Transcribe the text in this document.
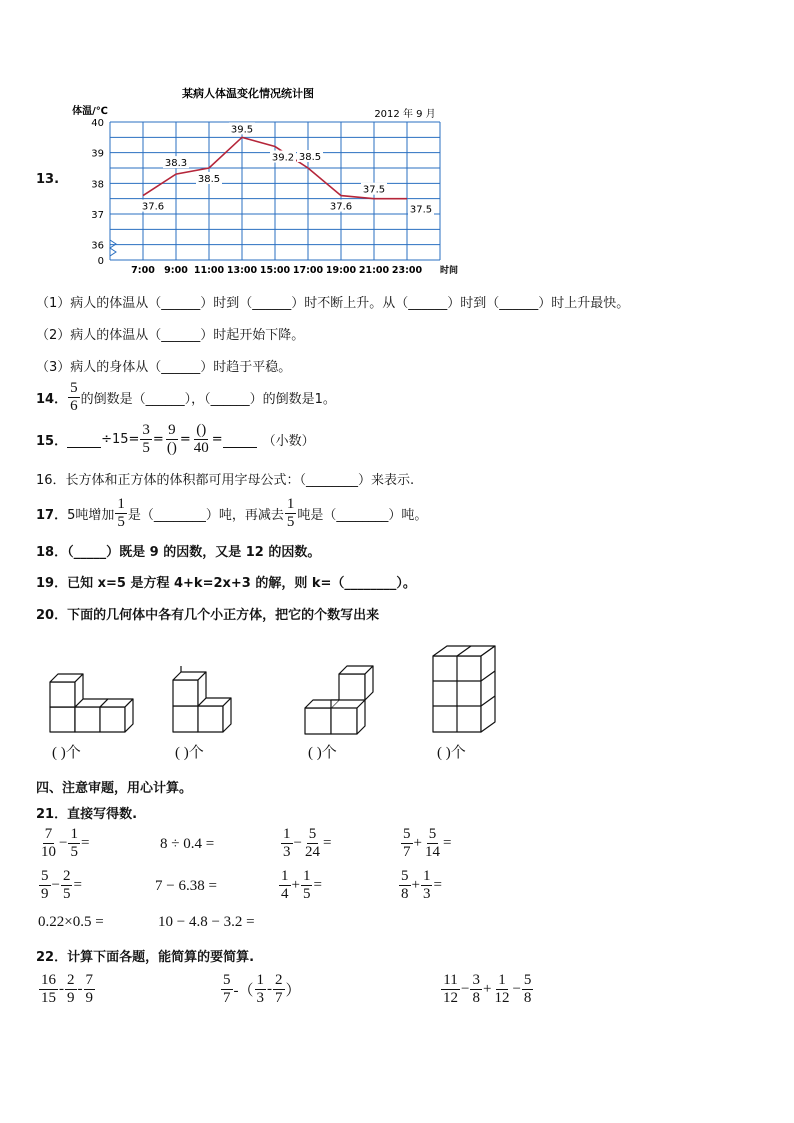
13.
某病人体温变化情况统计图
2012 年 9 月
体温/℃
40
39
38
37
36
0
7:00 9:00 11:00 13:00 15:00 17:00 19:00 21:00 23:00
37.6
38.3
38.5
39.5
39.2 38.5
37.6
37.5
37.5
时间
（1）病人的体温从（______）时到（______）时不断上升。从（______）时到（______）时上升最快。
（2）病人的体温从（______）时起开始下降。
（3）病人的身体从（______）时趋于平稳。
14． $\frac{5}{6}$ 的倒数是（______），（______）的倒数是1。
15．
	$\div 15= \frac{3}{5} = \frac{9}{()} = \frac{()}{40}$ =
	（小数）
16．长方体和正方体的体积都可用字母公式：（________）来表示.
17． 5吨增加 $\frac{1}{5}$ 是（________）吨，再减去 $\frac{1}{5}$ 吨是（________）吨。
18．（_____）既是 9 的因数，又是 12 的因数。
19．已知 x=5 是方程 4+k=2x+3 的解，则 k=（________）。
20．下面的几何体中各有几个小正方体，把它的个数写出来
( )个	( )个	( )个	( )个
四、注意审题，用心计算。
21．直接写得数.
$\frac{7}{10} - \frac{1}{5}$ =	8 ÷ 0.4 =	$\frac{1}{3} - \frac{5}{24}$ =	$\frac{5}{7} + \frac{5}{14}$ =
$\frac{5}{9} - \frac{2}{5}$ =	7 − 6.38 =	$\frac{1}{4} + \frac{1}{5}$ =	$\frac{5}{8} + \frac{1}{3}$ =
0.22×0.5 =	10 − 4.8 − 3.2 =
22．计算下面各题，能简算的要简算.
$\frac{16}{15} - \frac{2}{9} - \frac{7}{9}$	$\frac{5}{7}$ -（ $\frac{1}{3} - \frac{2}{7}$ ）	$\frac{11}{12} - \frac{3}{8} + \frac{1}{12} - \frac{5}{8}$
